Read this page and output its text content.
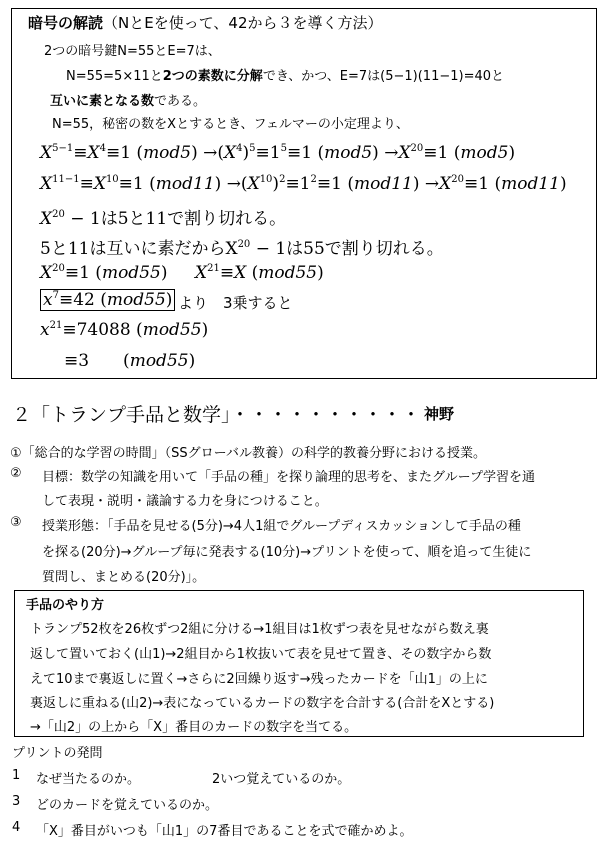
暗号の解読（NとEを使って、42から３を導く方法）
2つの暗号鍵N=55とE=7は、
N=55=5×11と2つの素数に分解でき、かつ、E=7は(5−1)(11−1)=40と
互いに素となる数である。
N=55，秘密の数をXとするとき、フェルマーの小定理より、
$X^{5-1}\equiv X^4\equiv 1$ $(mod5) \to(X^4)^5\equiv 1^5\equiv 1$ $(mod5) \to X^{20}\equiv 1$ (mod5)
$X^{11-1}\equiv X^{10}\equiv 1$ $(mod11) \to(X^{10})^2\equiv 1^2\equiv 1$ $(mod11) \to X^{20}\equiv 1$ (mod11)
$X^{20} - 1$は5と11で割り切れる。
5と11は互いに素だから$X^{20} - 1$は55で割り切れる。
$X^{20}\equiv 1$ (mod55) $X^{21}\equiv X$ (mod55)
$x^7\equiv 42$ (mod55) より　3乗すると
$x^{21}\equiv 74088$ (mod55)
≡3　　(mod55)
２「トランプ手品と数学」・・・・・・・・・・ 神野
①「総合的な学習の時間」（SSグローバル教養）の科学的教養分野における授業。
② 目標：数学の知識を用いて「手品の種」を探り論理的思考を、またグループ学習を通
して表現・説明・議論する力を身につけること。
③ 授業形態：「手品を見せる(5分)→4人1組でグループディスカッションして手品の種
を探る(20分)→グループ毎に発表する(10分)→プリントを使って、順を追って生徒に
質問し、まとめる(20分)」。
手品のやり方
トランプ52枚を26枚ずつ2組に分ける→1組目は1枚ずつ表を見せながら数え裏
返して置いておく(山1)→2組目から1枚抜いて表を見せて置き、その数字から数
えて10まで裏返しに置く→さらに2回繰り返す→残ったカードを「山1」の上に
裏返しに重ねる(山2)→表になっているカードの数字を合計する(合計をXとする)
→「山2」の上から「X」番目のカードの数字を当てる。
プリントの発問
1 なぜ当たるのか。	2いつ覚えているのか。
3 どのカードを覚えているのか。
4 「X」番目がいつも「山1」の7番目であることを式で確かめよ。
